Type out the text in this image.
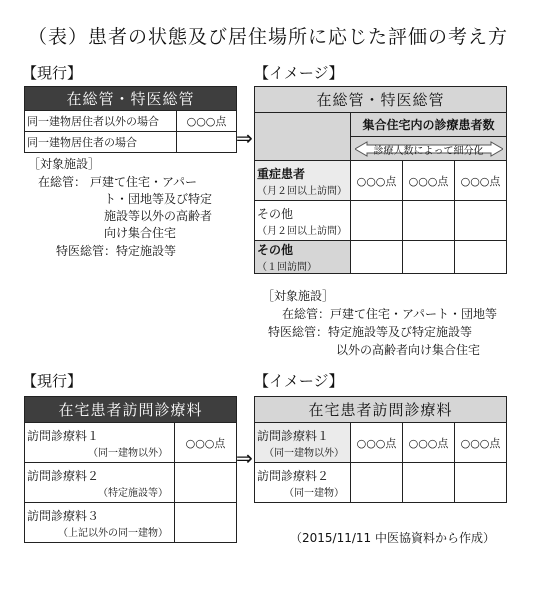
（表）患者の状態及び居住場所に応じた評価の考え方
【現行】	【イメージ】
在総管・特医総管	
同一建物居住者以外の場合	○○○点
同一建物居住者の場合	
［対象施設］
在総管： 戸建て住宅・アパー
ト・団地等及び特定
施設等以外の高齢者
向け集合住宅
特医総管：特定施設等
⇒
在総管・特医総管			
	集合住宅内の診療患者数		

	診療人数によって細分化		

重症患者
（月２回以上訪問）	○○○点	○○○点	○○○点

その他
（月２回以上訪問）			

その他（１回訪問）			
［対象施設］
在総管：戸建て住宅・アパート・団地等
特医総管：特定施設等及び特定施設等
以外の高齢者向け集合住宅
【現行】	【イメージ】
在宅患者訪問診療料	

訪問診療料１
（同一建物以外）	○○○点

訪問診療料２
（特定施設等）	

訪問診療料３
（上記以外の同一建物）	

⇒
在宅患者訪問診療料			

訪問診療料１
（同一建物以外）	○○○点	○○○点	○○○点

訪問診療料２
（同一建物）			

（2015/11/11 中医協資料から作成）
